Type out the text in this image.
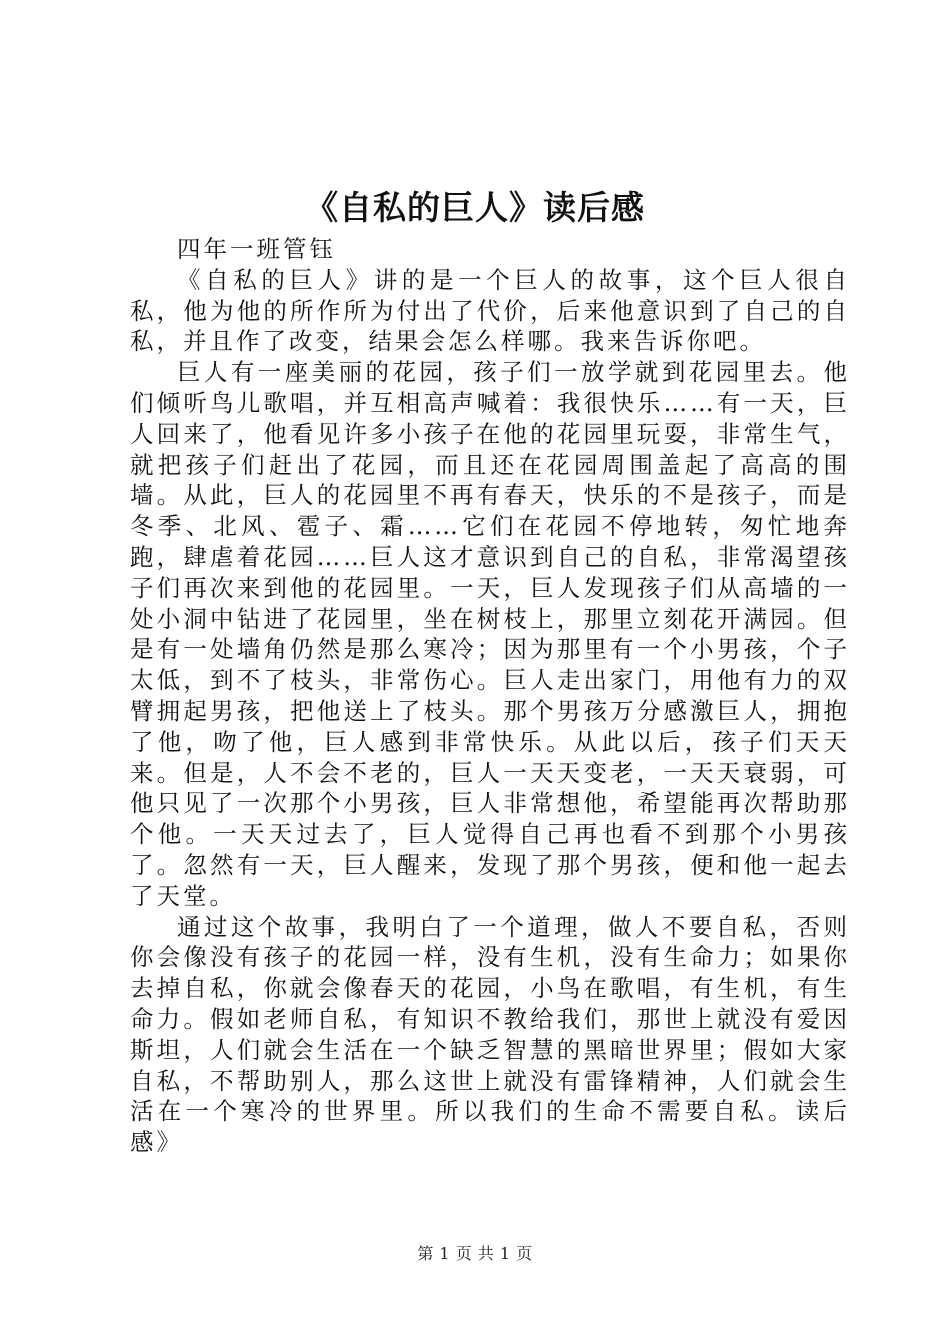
《自私的巨人》读后感

四年一班管钰

《自私的巨人》讲的是一个巨人的故事，这个巨人很自私，他为他的所作所为付出了代价，后来他意识到了自己的自私，并且作了改变，结果会怎么样哪。我来告诉你吧。

巨人有一座美丽的花园，孩子们一放学就到花园里去。他们倾听鸟儿歌唱，并互相高声喊着：我很快乐……有一天，巨人回来了，他看见许多小孩子在他的花园里玩耍，非常生气，就把孩子们赶出了花园，而且还在花园周围盖起了高高的围墙。从此，巨人的花园里不再有春天，快乐的不是孩子，而是冬季、北风、雹子、霜……它们在花园不停地转，匆忙地奔跑，肆虐着花园……巨人这才意识到自己的自私，非常渴望孩子们再次来到他的花园里。一天，巨人发现孩子们从高墙的一处小洞中钻进了花园里，坐在树枝上，那里立刻花开满园。但是有一处墙角仍然是那么寒冷；因为那里有一个小男孩，个子太低，到不了枝头，非常伤心。巨人走出家门，用他有力的双臂拥起男孩，把他送上了枝头。那个男孩万分感激巨人，拥抱了他，吻了他，巨人感到非常快乐。从此以后，孩子们天天来。但是，人不会不老的，巨人一天天变老，一天天衰弱，可他只见了一次那个小男孩，巨人非常想他，希望能再次帮助那个他。一天天过去了，巨人觉得自己再也看不到那个小男孩了。忽然有一天，巨人醒来，发现了那个男孩，便和他一起去了天堂。

通过这个故事，我明白了一个道理，做人不要自私，否则你会像没有孩子的花园一样，没有生机，没有生命力；如果你去掉自私，你就会像春天的花园，小鸟在歌唱，有生机，有生命力。假如老师自私，有知识不教给我们，那世上就没有爱因斯坦，人们就会生活在一个缺乏智慧的黑暗世界里；假如大家自私，不帮助别人，那么这世上就没有雷锋精神，人们就会生活在一个寒冷的世界里。所以我们的生命不需要自私。读后感》

第 1 页 共 1 页
